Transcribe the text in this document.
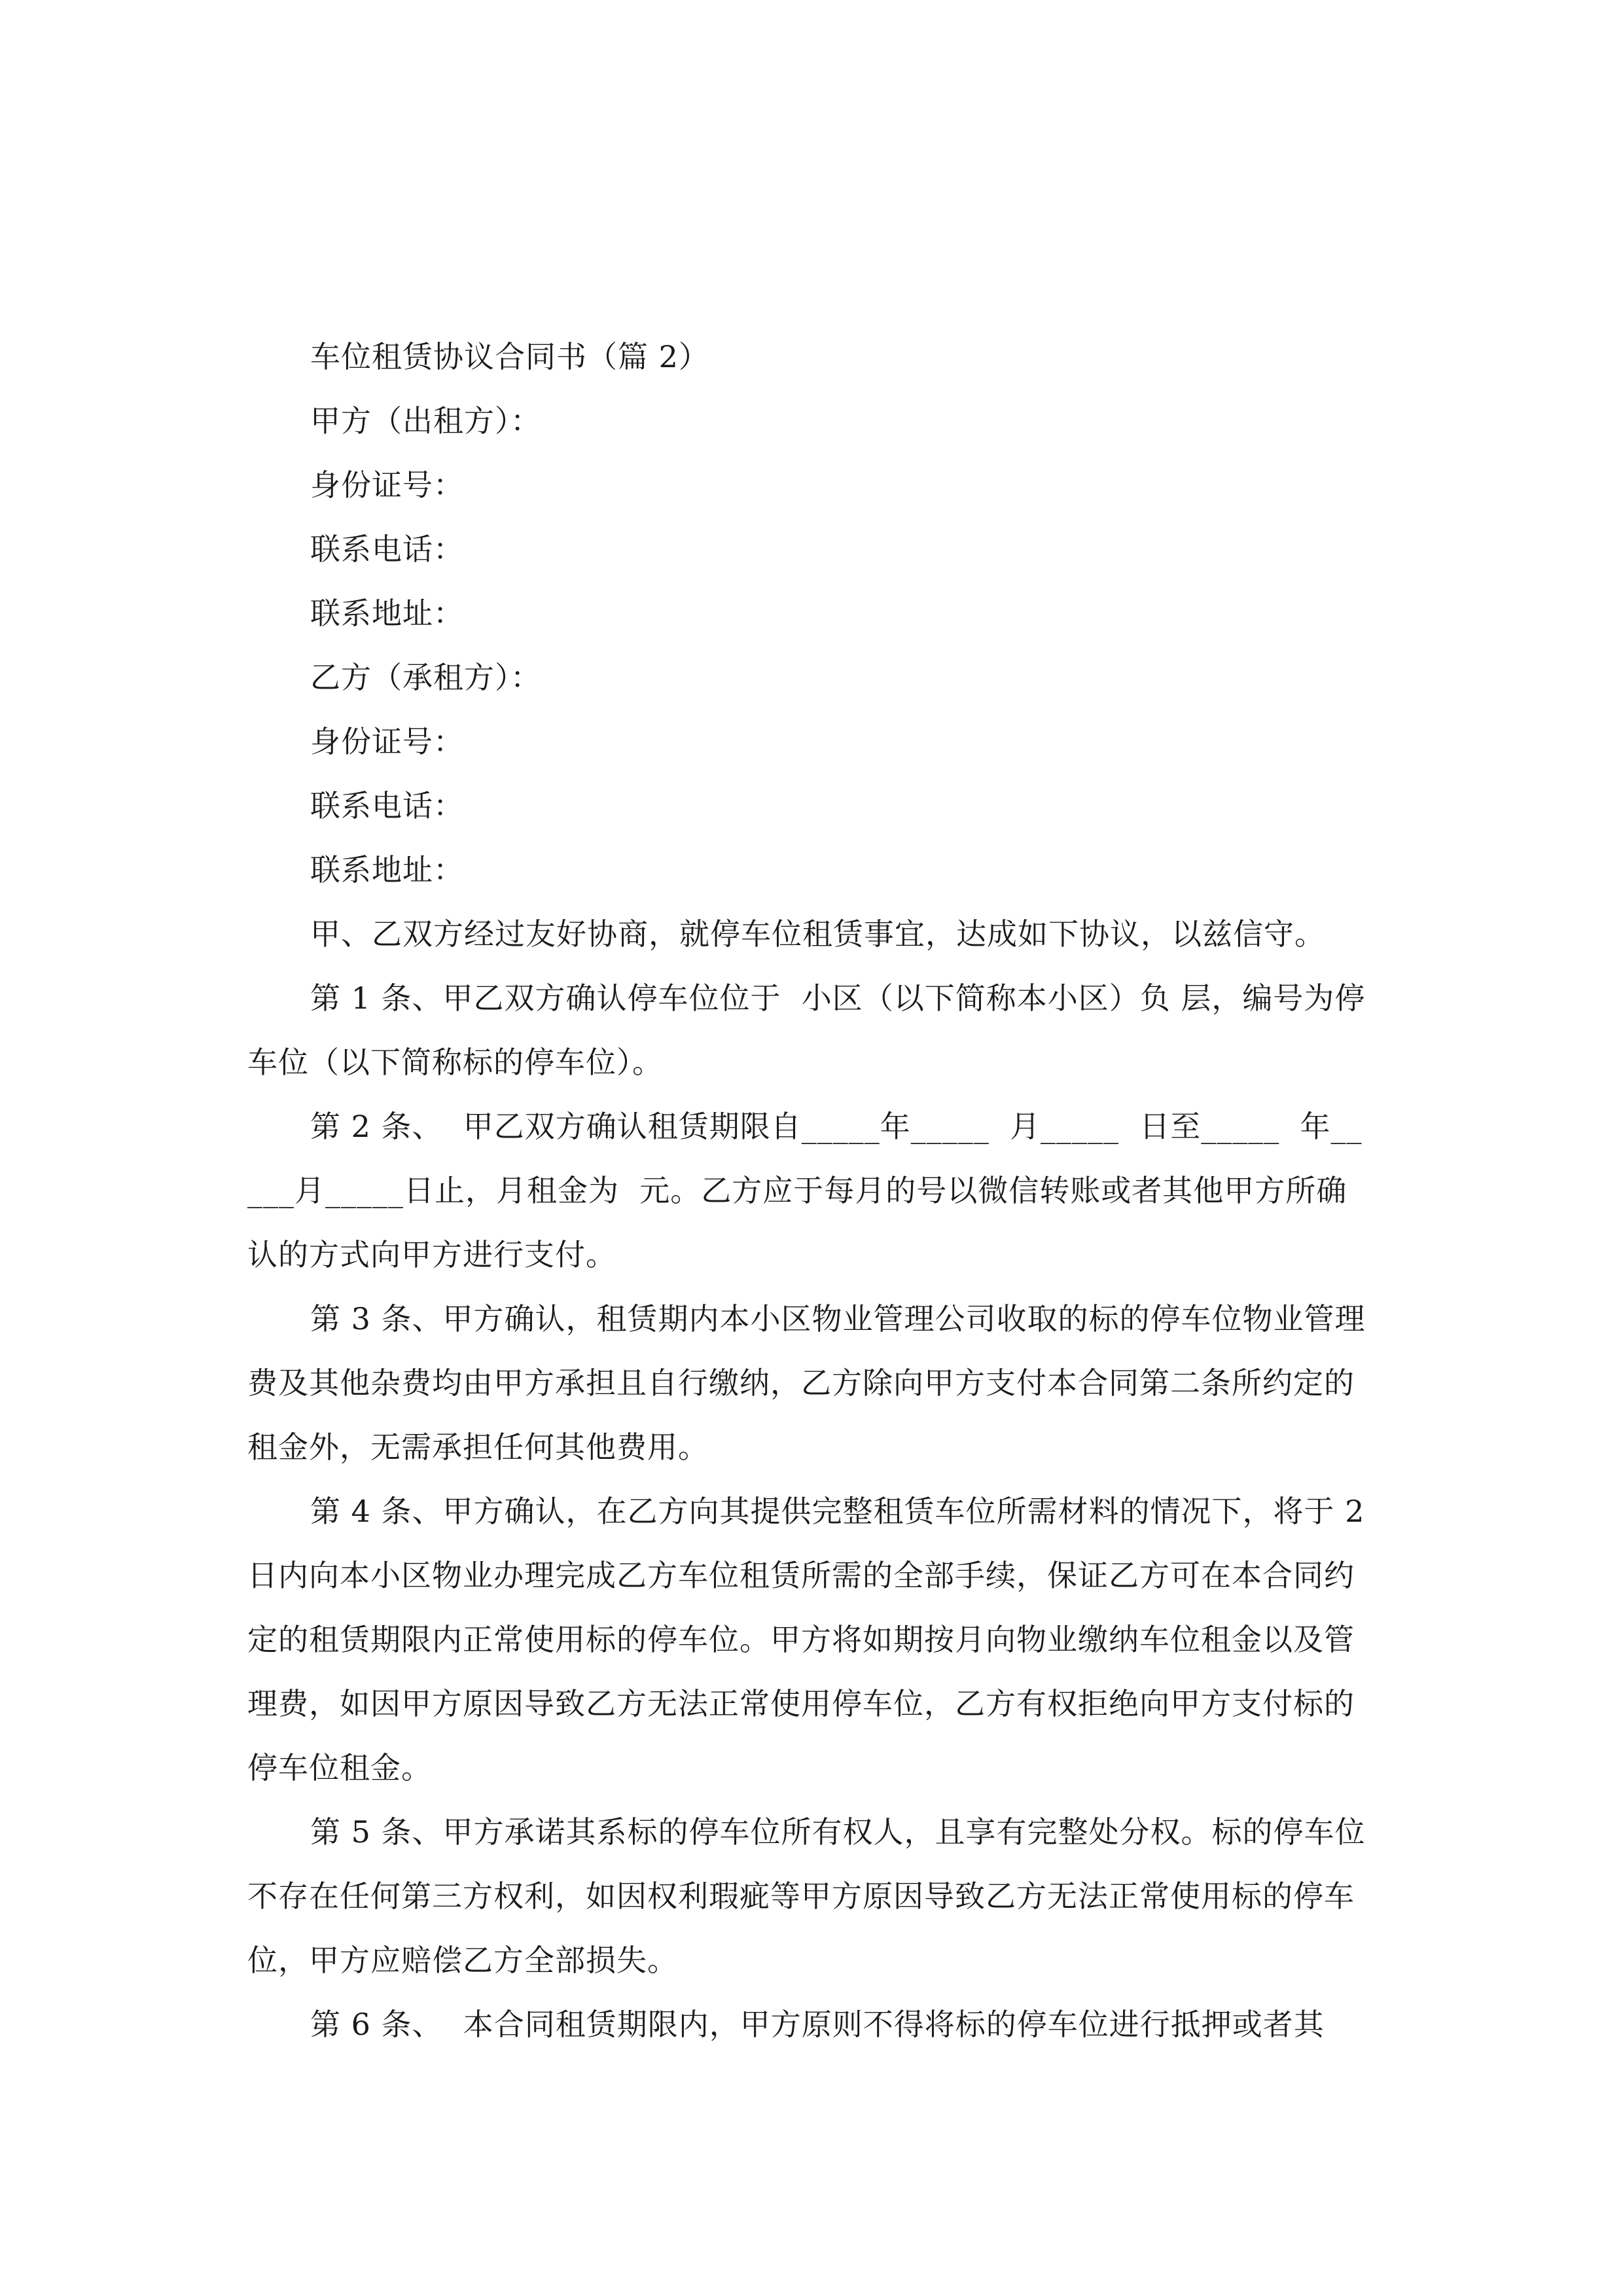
车位租赁协议合同书（篇 2）
甲方（出租方）：
身份证号：
联系电话：
联系地址：
乙方（承租方）：
身份证号：
联系电话：
联系地址：
甲、乙双方经过友好协商，就停车位租赁事宜，达成如下协议，以兹信守。
第 1 条、甲乙双方确认停车位位于  小区（以下简称本小区）负 层，编号为停车位（以下简称标的停车位）。
第 2 条、  甲乙双方确认租赁期限自_____年_____  月_____  日至_____  年_____月_____日止，月租金为  元。乙方应于每月的号以微信转账或者其他甲方所确认的方式向甲方进行支付。
第 3 条、甲方确认，租赁期内本小区物业管理公司收取的标的停车位物业管理费及其他杂费均由甲方承担且自行缴纳，乙方除向甲方支付本合同第二条所约定的租金外，无需承担任何其他费用。
第 4 条、甲方确认，在乙方向其提供完整租赁车位所需材料的情况下，将于 2 日内向本小区物业办理完成乙方车位租赁所需的全部手续，保证乙方可在本合同约定的租赁期限内正常使用标的停车位。甲方将如期按月向物业缴纳车位租金以及管理费，如因甲方原因导致乙方无法正常使用停车位，乙方有权拒绝向甲方支付标的停车位租金。
第 5 条、甲方承诺其系标的停车位所有权人，且享有完整处分权。标的停车位不存在任何第三方权利，如因权利瑕疵等甲方原因导致乙方无法正常使用标的停车位，甲方应赔偿乙方全部损失。
第 6 条、  本合同租赁期限内，甲方原则不得将标的停车位进行抵押或者其
